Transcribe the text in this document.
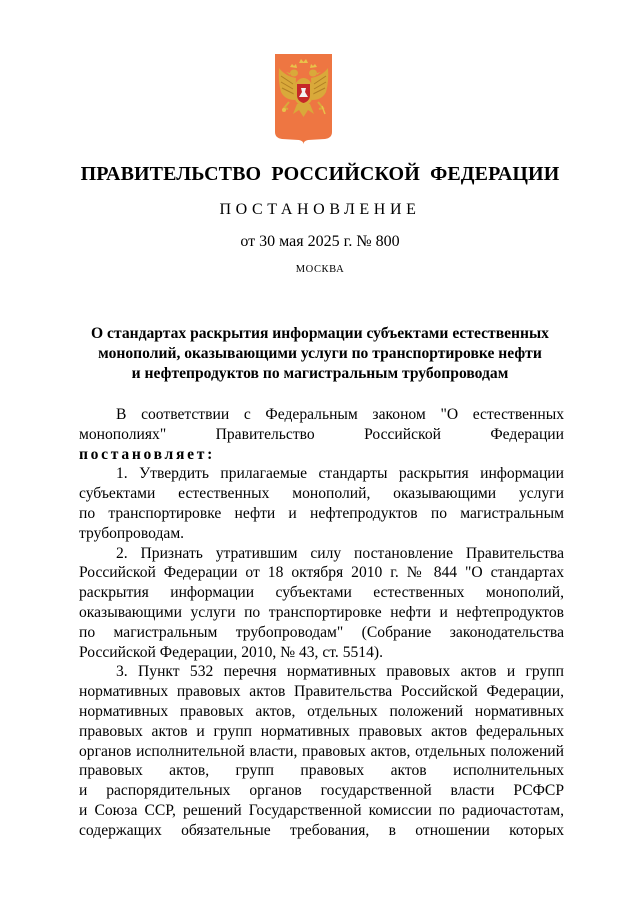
ПРАВИТЕЛЬСТВО  РОССИЙСКОЙ  ФЕДЕРАЦИИ
ПОСТАНОВЛЕНИЕ
от 30 мая 2025 г. № 800
МОСКВА
О стандартах раскрытия информации субъектами естественных
монополий, оказывающими услуги по транспортировке нефти
и нефтепродуктов по магистральным трубопроводам
В соответствии с Федеральным законом "О естественных
монополиях" Правительство Российской Федерации постановляет:
1. Утвердить прилагаемые стандарты раскрытия информации
субъектами естественных монополий, оказывающими услуги
по транспортировке нефти и нефтепродуктов по магистральным
трубопроводам.
2. Признать утратившим силу постановление Правительства
Российской Федерации от 18 октября 2010 г. № 844 "О стандартах
раскрытия информации субъектами естественных монополий,
оказывающими услуги по транспортировке нефти и нефтепродуктов
по магистральным трубопроводам" (Собрание законодательства
Российской Федерации, 2010, № 43, ст. 5514).
3. Пункт 532 перечня нормативных правовых актов и групп
нормативных правовых актов Правительства Российской Федерации,
нормативных правовых актов, отдельных положений нормативных
правовых актов и групп нормативных правовых актов федеральных
органов исполнительной власти, правовых актов, отдельных положений
правовых актов, групп правовых актов исполнительных
и распорядительных органов государственной власти РСФСР
и Союза ССР, решений Государственной комиссии по радиочастотам,
содержащих обязательные требования, в отношении которых
